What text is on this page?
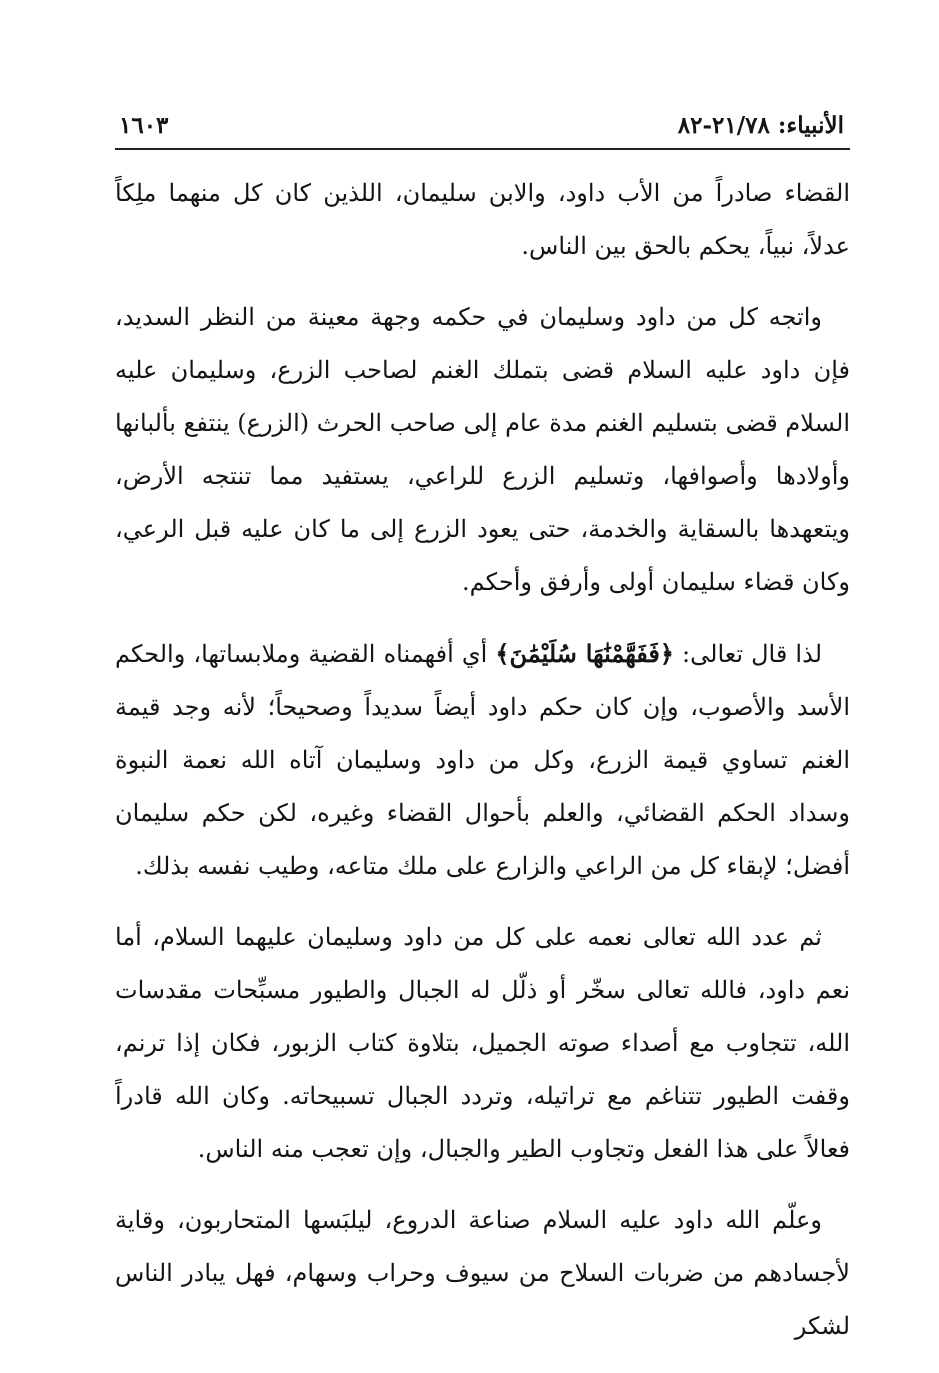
الأنبياء: ٢١/٧٨-٨٢
١٦٠٣

القضاء صادراً من الأب داود، والابن سليمان، اللذين كان كل منهما ملِكاً عدلاً، نبياً، يحكم بالحق بين الناس.

واتجه كل من داود وسليمان في حكمه وجهة معينة من النظر السديد، فإن داود عليه السلام قضى بتملك الغنم لصاحب الزرع، وسليمان عليه السلام قضى بتسليم الغنم مدة عام إلى صاحب الحرث (الزرع) ينتفع بألبانها وأولادها وأصوافها، وتسليم الزرع للراعي، يستفيد مما تنتجه الأرض، ويتعهدها بالسقاية والخدمة، حتى يعود الزرع إلى ما كان عليه قبل الرعي، وكان قضاء سليمان أولى وأرفق وأحكم.

لذا قال تعالى: ﴿فَفَهَّمْنَٰهَا سُلَيْمَٰنَ﴾ أي أفهمناه القضية وملابساتها، والحكم الأسد والأصوب، وإن كان حكم داود أيضاً سديداً وصحيحاً؛ لأنه وجد قيمة الغنم تساوي قيمة الزرع، وكل من داود وسليمان آتاه الله نعمة النبوة وسداد الحكم القضائي، والعلم بأحوال القضاء وغيره، لكن حكم سليمان أفضل؛ لإبقاء كل من الراعي والزارع على ملك متاعه، وطيب نفسه بذلك.

ثم عدد الله تعالى نعمه على كل من داود وسليمان عليهما السلام، أما نعم داود، فالله تعالى سخّر أو ذلّل له الجبال والطيور مسبِّحات مقدسات الله، تتجاوب مع أصداء صوته الجميل، بتلاوة كتاب الزبور، فكان إذا ترنم، وقفت الطيور تتناغم مع تراتيله، وتردد الجبال تسبيحاته. وكان الله قادراً فعالاً على هذا الفعل وتجاوب الطير والجبال، وإن تعجب منه الناس.

وعلّم الله داود عليه السلام صناعة الدروع، ليلبَسها المتحاربون، وقاية لأجسادهم من ضربات السلاح من سيوف وحراب وسهام، فهل يبادر الناس لشكر
